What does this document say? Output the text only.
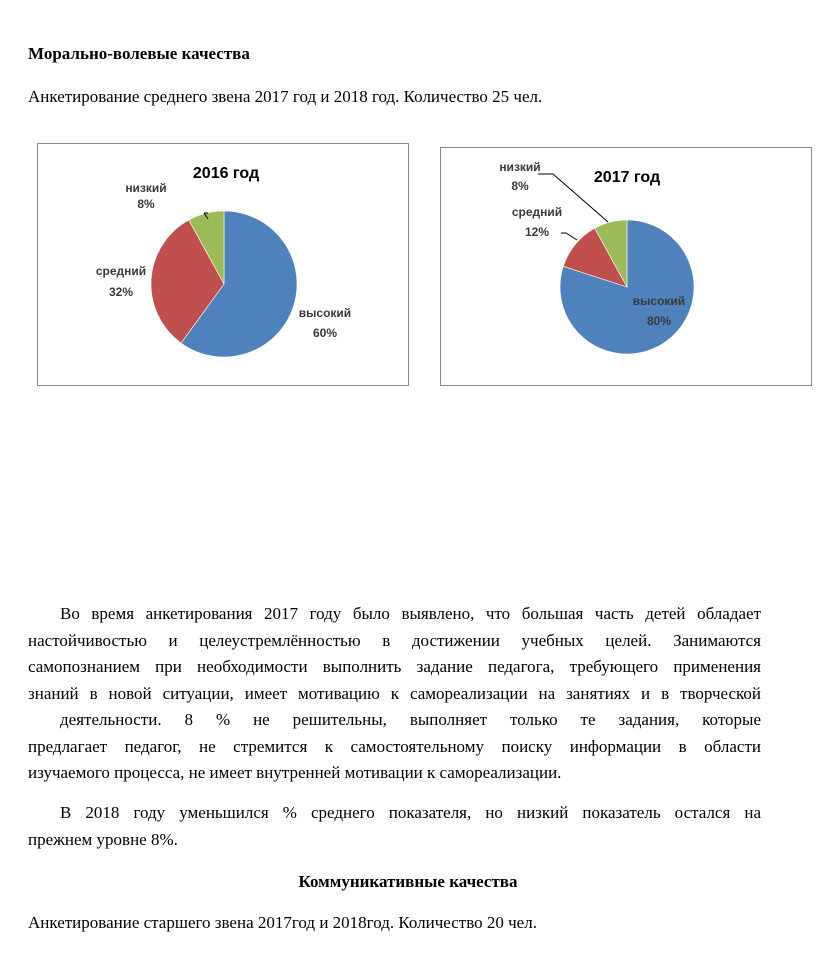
Морально-волевые качества
Анкетирование среднего звена 2017 год и 2018 год. Количество 25 чел.
2016 год
низкий
8%
средний
32%
высокий
60%
2017 год
низкий
8%
средний
12%
высокий
80%

Во время анкетирования 2017 году было выявлено, что большая часть детей обладает

настойчивостью и целеустремлённостью в достижении учебных целей. Занимаются

самопознанием при необходимости выполнить задание педагога, требующего применения

знаний в новой ситуации, имеет мотивацию к самореализации на занятиях и в творческой

деятельности. 8 % не решительны, выполняет только те задания, которые

предлагает педагог, не стремится к самостоятельному поиску информации в области

изучаемого процесса, не имеет внутренней мотивации к самореализации.

В 2018 году уменьшился % среднего показателя, но низкий показатель остался на

прежнем уровне 8%.

Коммуникативные качества
Анкетирование старшего звена 2017год и 2018год. Количество 20 чел.
